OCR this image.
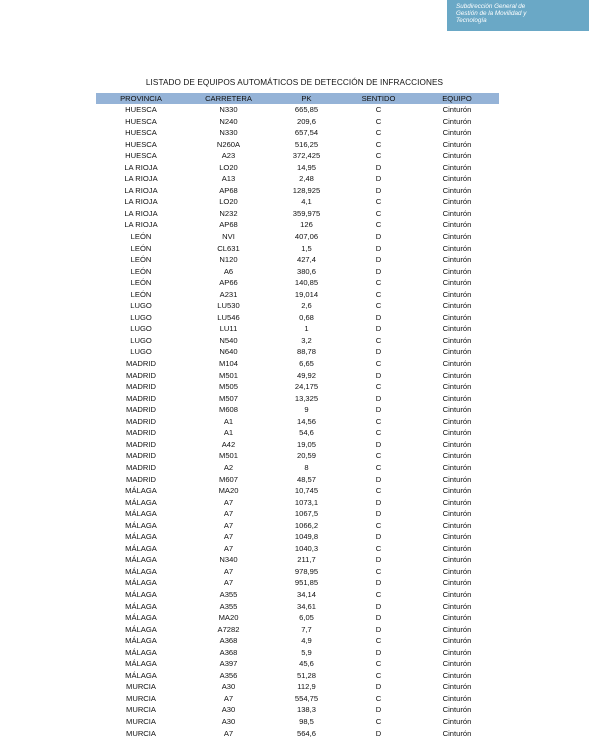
Subdirección General de
Gestión de la Movilidad y
Tecnología
LISTADO DE EQUIPOS AUTOMÁTICOS DE DETECCIÓN DE INFRACCIONES
PROVINCIA	CARRETERA	PK	SENTIDO	EQUIPO
HUESCA	N330	665,85	C	Cinturón
HUESCA	N240	209,6	C	Cinturón
HUESCA	N330	657,54	C	Cinturón
HUESCA	N260A	516,25	C	Cinturón
HUESCA	A23	372,425	C	Cinturón
LA RIOJA	LO20	14,95	D	Cinturón
LA RIOJA	A13	2,48	D	Cinturón
LA RIOJA	AP68	128,925	D	Cinturón
LA RIOJA	LO20	4,1	C	Cinturón
LA RIOJA	N232	359,975	C	Cinturón
LA RIOJA	AP68	126	C	Cinturón
LEÓN	NVI	407,06	D	Cinturón
LEÓN	CL631	1,5	D	Cinturón
LEÓN	N120	427,4	D	Cinturón
LEÓN	A6	380,6	D	Cinturón
LEÓN	AP66	140,85	C	Cinturón
LEÓN	A231	19,014	C	Cinturón
LUGO	LU530	2,6	C	Cinturón
LUGO	LU546	0,68	D	Cinturón
LUGO	LU11	1	D	Cinturón
LUGO	N540	3,2	C	Cinturón
LUGO	N640	88,78	D	Cinturón
MADRID	M104	6,65	C	Cinturón
MADRID	M501	49,92	D	Cinturón
MADRID	M505	24,175	C	Cinturón
MADRID	M507	13,325	D	Cinturón
MADRID	M608	9	D	Cinturón
MADRID	A1	14,56	C	Cinturón
MADRID	A1	54,6	C	Cinturón
MADRID	A42	19,05	D	Cinturón
MADRID	M501	20,59	C	Cinturón
MADRID	A2	8	C	Cinturón
MADRID	M607	48,57	D	Cinturón
MÁLAGA	MA20	10,745	C	Cinturón
MÁLAGA	A7	1073,1	D	Cinturón
MÁLAGA	A7	1067,5	D	Cinturón
MÁLAGA	A7	1066,2	C	Cinturón
MÁLAGA	A7	1049,8	D	Cinturón
MÁLAGA	A7	1040,3	C	Cinturón
MÁLAGA	N340	211,7	D	Cinturón
MÁLAGA	A7	978,95	C	Cinturón
MÁLAGA	A7	951,85	D	Cinturón
MÁLAGA	A355	34,14	C	Cinturón
MÁLAGA	A355	34,61	D	Cinturón
MÁLAGA	MA20	6,05	D	Cinturón
MÁLAGA	A7282	7,7	D	Cinturón
MÁLAGA	A368	4,9	C	Cinturón
MÁLAGA	A368	5,9	D	Cinturón
MÁLAGA	A397	45,6	C	Cinturón
MÁLAGA	A356	51,28	C	Cinturón
MURCIA	A30	112,9	D	Cinturón
MURCIA	A7	554,75	C	Cinturón
MURCIA	A30	138,3	D	Cinturón
MURCIA	A30	98,5	C	Cinturón
MURCIA	A7	564,6	D	Cinturón
